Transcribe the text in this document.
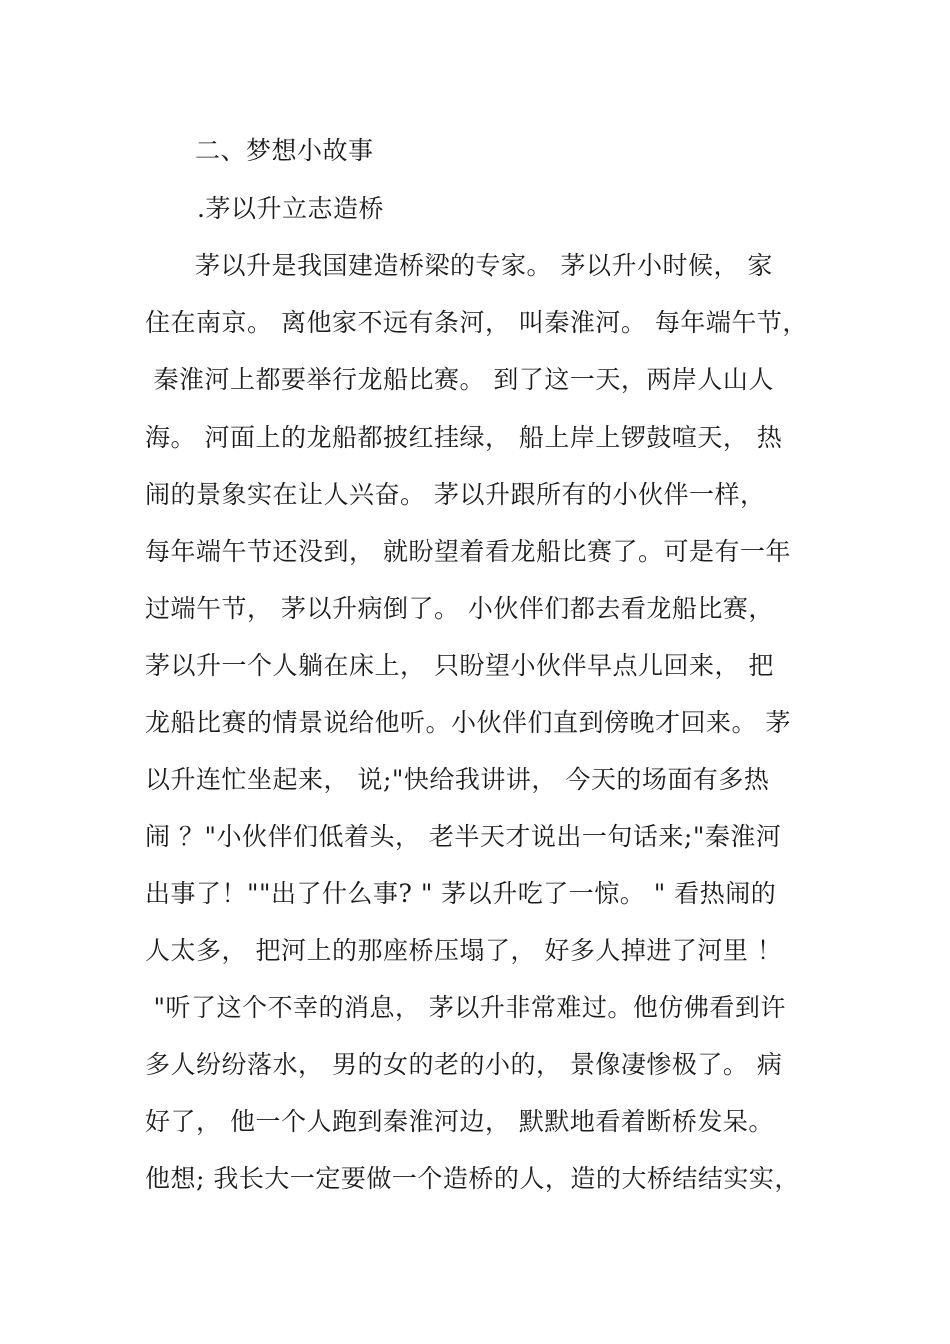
二、梦想小故事
.茅以升立志造桥
茅以升是我国建造桥梁的专家。 茅以升小时候， 家
住在南京。 离他家不远有条河， 叫秦淮河。 每年端午节，
秦淮河上都要举行龙船比赛。 到了这一天，两岸人山人
海。 河面上的龙船都披红挂绿， 船上岸上锣鼓喧天， 热
闹的景象实在让人兴奋。 茅以升跟所有的小伙伴一样，
每年端午节还没到， 就盼望着看龙船比赛了。可是有一年
过端午节， 茅以升病倒了。 小伙伴们都去看龙船比赛，
茅以升一个人躺在床上， 只盼望小伙伴早点儿回来， 把
龙船比赛的情景说给他听。小伙伴们直到傍晚才回来。 茅
以升连忙坐起来， 说;"快给我讲讲， 今天的场面有多热
闹 ？"小伙伴们低着头， 老半天才说出一句话来;"秦淮河
出事了！""出了什么事? " 茅以升吃了一惊。 " 看热闹的
人太多， 把河上的那座桥压塌了， 好多人掉进了河里 ！
"听了这个不幸的消息， 茅以升非常难过。他仿佛看到许
多人纷纷落水， 男的女的老的小的， 景像凄惨极了。 病
好了， 他一个人跑到秦淮河边， 默默地看着断桥发呆。
他想; 我长大一定要做一个造桥的人，造的大桥结结实实，
